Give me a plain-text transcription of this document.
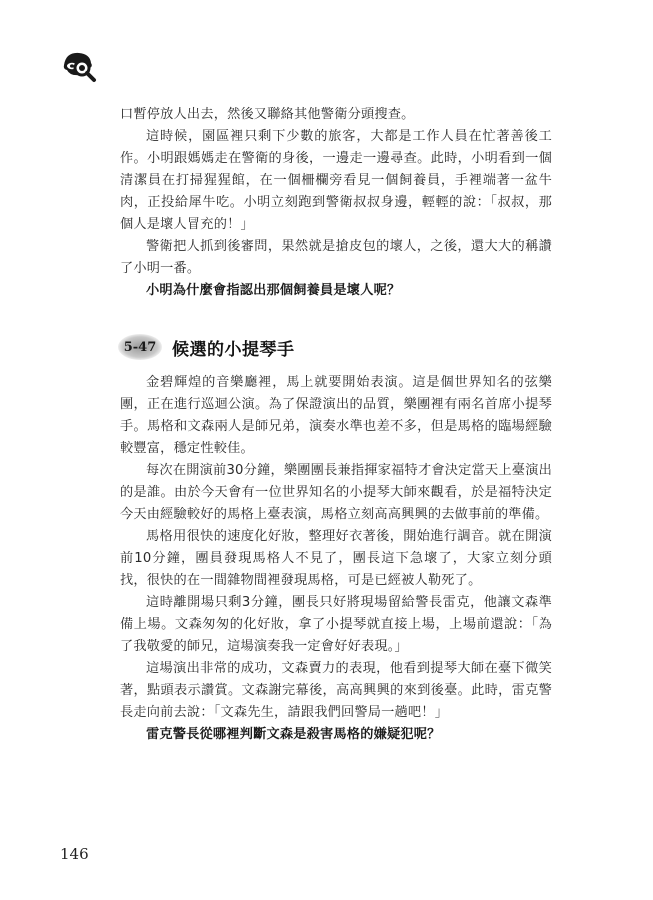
口暫停放人出去，然後又聯絡其他警衛分頭搜查。

這時候，園區裡只剩下少數的旅客，大都是工作人員在忙著善後工作。小明跟媽媽走在警衛的身後，一邊走一邊尋查。此時，小明看到一個清潔員在打掃猩猩館，在一個柵欄旁看見一個飼養員，手裡端著一盆牛肉，正投給犀牛吃。小明立刻跑到警衛叔叔身邊，輕輕的說：「叔叔，那個人是壞人冒充的！」

警衛把人抓到後審問，果然就是搶皮包的壞人，之後，還大大的稱讚了小明一番。

小明為什麼會指認出那個飼養員是壞人呢？

5-47 候選的小提琴手

金碧輝煌的音樂廳裡，馬上就要開始表演。這是個世界知名的弦樂團，正在進行巡迴公演。為了保證演出的品質，樂團裡有兩名首席小提琴手。馬格和文森兩人是師兄弟，演奏水準也差不多，但是馬格的臨場經驗較豐富，穩定性較佳。

每次在開演前30分鐘，樂團團長兼指揮家福特才會決定當天上臺演出的是誰。由於今天會有一位世界知名的小提琴大師來觀看，於是福特決定今天由經驗較好的馬格上臺表演，馬格立刻高高興興的去做事前的準備。

馬格用很快的速度化好妝，整理好衣著後，開始進行調音。就在開演前10分鐘，團員發現馬格人不見了，團長這下急壞了，大家立刻分頭找，很快的在一間雜物間裡發現馬格，可是已經被人勒死了。

這時離開場只剩3分鐘，團長只好將現場留給警長雷克，他讓文森準備上場。文森匆匆的化好妝，拿了小提琴就直接上場，上場前還說：「為了我敬愛的師兄，這場演奏我一定會好好表現。」

這場演出非常的成功，文森賣力的表現，他看到提琴大師在臺下微笑著，點頭表示讚賞。文森謝完幕後，高高興興的來到後臺。此時，雷克警長走向前去說：「文森先生，請跟我們回警局一趟吧！」

雷克警長從哪裡判斷文森是殺害馬格的嫌疑犯呢？

146
